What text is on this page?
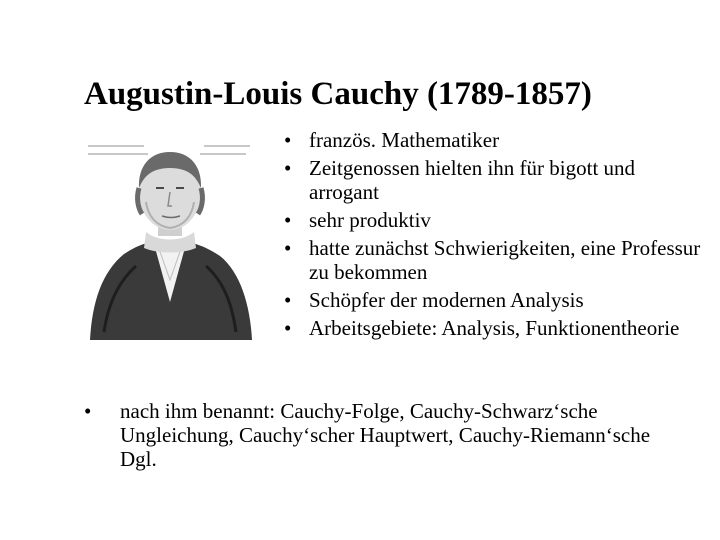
Augustin-Louis Cauchy (1789-1857)
• französ. Mathematiker
• Zeitgenossen hielten ihn für bigott und arrogant
• sehr produktiv
• hatte zunächst Schwierigkeiten, eine Professur zu bekommen
• Schöpfer der modernen Analysis
• Arbeitsgebiete: Analysis, Funktionentheorie
• nach ihm benannt: Cauchy-Folge, Cauchy-Schwarz‘sche Ungleichung, Cauchy‘scher Hauptwert, Cauchy-Riemann‘sche Dgl.
